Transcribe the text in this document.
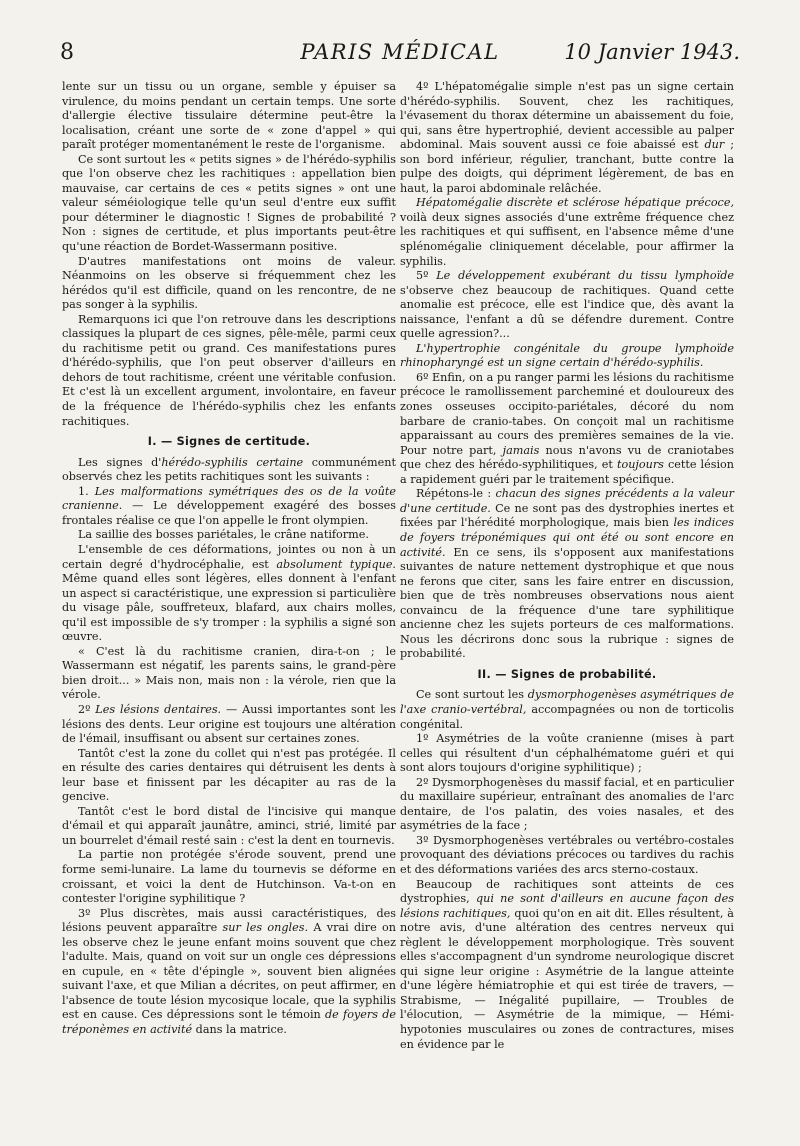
8	PARIS MÉDICAL	10 Janvier 1943.

lente sur un tissu ou un organe, semble y épuiser sa virulence, du moins pendant un certain temps. Une sorte d'allergie élective tissulaire détermine peut-être la localisation, créant une sorte de « zone d'appel » qui paraît protéger momentanément le reste de l'organisme.

Ce sont surtout les « petits signes » de l'hérédo-syphilis que l'on observe chez les rachitiques : appellation bien mauvaise, car certains de ces « petits signes » ont une valeur séméiologique telle qu'un seul d'entre eux suffit pour déterminer le diagnostic ! Signes de probabilité ? Non : signes de certitude, et plus importants peut-être qu'une réaction de Bordet-Wassermann positive.

D'autres manifestations ont moins de valeur. Néanmoins on les observe si fréquemment chez les hérédos qu'il est difficile, quand on les rencontre, de ne pas songer à la syphilis.

Remarquons ici que l'on retrouve dans les descriptions classiques la plupart de ces signes, pêle-mêle, parmi ceux du rachitisme petit ou grand. Ces manifestations pures d'hérédo-syphilis, que l'on peut observer d'ailleurs en dehors de tout rachitisme, créent une véritable confusion. Et c'est là un excellent argument, involontaire, en faveur de la fréquence de l'hérédo-syphilis chez les enfants rachitiques.

I. — Signes de certitude.

Les signes d'hérédo-syphilis certaine communément observés chez les petits rachitiques sont les suivants :

1. Les malformations symétriques des os de la voûte cranienne. — Le développement exagéré des bosses frontales réalise ce que l'on appelle le front olympien.

La saillie des bosses pariétales, le crâne natiforme.

L'ensemble de ces déformations, jointes ou non à un certain degré d'hydrocéphalie, est absolument typique. Même quand elles sont légères, elles donnent à l'enfant un aspect si caractéristique, une expression si particulière du visage pâle, souffreteux, blafard, aux chairs molles, qu'il est impossible de s'y tromper : la syphilis a signé son œuvre.

« C'est là du rachitisme cranien, dira-t-on ; le Wassermann est négatif, les parents sains, le grand-père bien droit... » Mais non, mais non : la vérole, rien que la vérole.

2º Les lésions dentaires. — Aussi importantes sont les lésions des dents. Leur origine est toujours une altération de l'émail, insuffisant ou absent sur certaines zones.

Tantôt c'est la zone du collet qui n'est pas protégée. Il en résulte des caries dentaires qui détruisent les dents à leur base et finissent par les décapiter au ras de la gencive.

Tantôt c'est le bord distal de l'incisive qui manque d'émail et qui apparaît jaunâtre, aminci, strié, limité par un bourrelet d'émail resté sain : c'est la dent en tournevis.

La partie non protégée s'érode souvent, prend une forme semi-lunaire. La lame du tournevis se déforme en croissant, et voici la dent de Hutchinson. Va-t-on en contester l'origine syphilitique ?

3º Plus discrètes, mais aussi caractéristiques, des lésions peuvent apparaître sur les ongles. A vrai dire on les observe chez le jeune enfant moins souvent que chez l'adulte. Mais, quand on voit sur un ongle ces dépressions en cupule, en « tête d'épingle », souvent bien alignées suivant l'axe, et que Milian a décrites, on peut affirmer, en l'absence de toute lésion mycosique locale, que la syphilis est en cause. Ces dépressions sont le témoin de foyers de tréponèmes en activité dans la matrice.

4º L'hépatomégalie simple n'est pas un signe certain d'hérédo-syphilis. Souvent, chez les rachitiques, l'évasement du thorax détermine un abaissement du foie, qui, sans être hypertrophié, devient accessible au palper abdominal. Mais souvent aussi ce foie abaissé est dur ; son bord inférieur, régulier, tranchant, butte contre la pulpe des doigts, qui dépriment légèrement, de bas en haut, la paroi abdominale relâchée.

Hépatomégalie discrète et sclérose hépatique précoce, voilà deux signes associés d'une extrême fréquence chez les rachitiques et qui suffisent, en l'absence même d'une splénomégalie cliniquement décelable, pour affirmer la syphilis.

5º Le développement exubérant du tissu lymphoïde s'observe chez beaucoup de rachitiques. Quand cette anomalie est précoce, elle est l'indice que, dès avant la naissance, l'enfant a dû se défendre durement. Contre quelle agression?...

L'hypertrophie congénitale du groupe lymphoïde rhinopharyngé est un signe certain d'hérédo-syphilis.

6º Enfin, on a pu ranger parmi les lésions du rachitisme précoce le ramollissement parcheminé et douloureux des zones osseuses occipito-pariétales, décoré du nom barbare de cranio-tabes. On conçoit mal un rachitisme apparaissant au cours des premières semaines de la vie. Pour notre part, jamais nous n'avons vu de craniotabes que chez des hérédo-syphilitiques, et toujours cette lésion a rapidement guéri par le traitement spécifique.

Répétons-le : chacun des signes précédents a la valeur d'une certitude. Ce ne sont pas des dystrophies inertes et fixées par l'hérédité morphologique, mais bien les indices de foyers tréponémiques qui ont été ou sont encore en activité. En ce sens, ils s'opposent aux manifestations suivantes de nature nettement dystrophique et que nous ne ferons que citer, sans les faire entrer en discussion, bien que de très nombreuses observations nous aient convaincu de la fréquence d'une tare syphilitique ancienne chez les sujets porteurs de ces malformations. Nous les décrirons donc sous la rubrique : signes de probabilité.

II. — Signes de probabilité.

Ce sont surtout les dysmorphogenèses asymétriques de l'axe cranio-vertébral, accompagnées ou non de torticolis congénital.

1º Asymétries de la voûte cranienne (mises à part celles qui résultent d'un céphalhématome guéri et qui sont alors toujours d'origine syphilitique) ;

2º Dysmorphogenèses du massif facial, et en particulier du maxillaire supérieur, entraînant des anomalies de l'arc dentaire, de l'os palatin, des voies nasales, et des asymétries de la face ;

3º Dysmorphogenèses vertébrales ou vertébro-costales provoquant des déviations précoces ou tardives du rachis et des déformations variées des arcs sterno-costaux.

Beaucoup de rachitiques sont atteints de ces dystrophies, qui ne sont d'ailleurs en aucune façon des lésions rachitiques, quoi qu'on en ait dit. Elles résultent, à notre avis, d'une altération des centres nerveux qui règlent le développement morphologique. Très souvent elles s'accompagnent d'un syndrome neurologique discret qui signe leur origine : Asymétrie de la langue atteinte d'une légère hémiatrophie et qui est tirée de travers, — Strabisme, — Inégalité pupillaire, — Troubles de l'élocution, — Asymétrie de la mimique, — Hémi-hypotonies musculaires ou zones de contractures, mises en évidence par le
